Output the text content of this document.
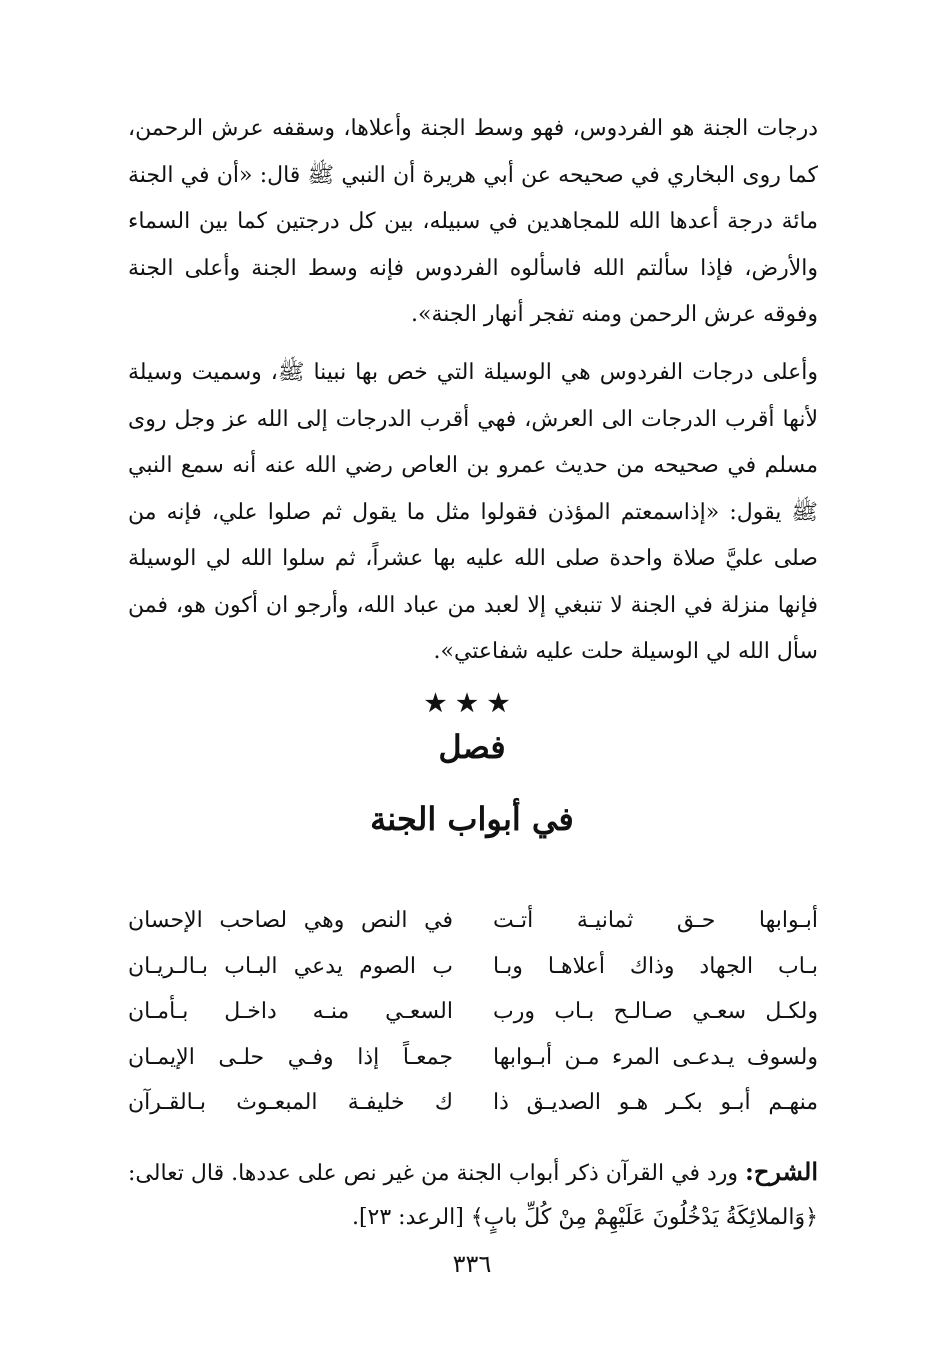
درجات الجنة هو الفردوس، فهو وسط الجنة وأعلاها، وسقفه عرش الرحمن، كما روى البخاري في صحيحه عن أبي هريرة أن النبي ﷺ قال: «أن في الجنة مائة درجة أعدها الله للمجاهدين في سبيله، بين كل درجتين كما بين السماء والأرض، فإذا سألتم الله فاسألوه الفردوس فإنه وسط الجنة وأعلى الجنة وفوقه عرش الرحمن ومنه تفجر أنهار الجنة».

وأعلى درجات الفردوس هي الوسيلة التي خص بها نبينا ﷺ، وسميت وسيلة لأنها أقرب الدرجات الى العرش، فهي أقرب الدرجات إلى الله عز وجل روى مسلم في صحيحه من حديث عمرو بن العاص رضي الله عنه أنه سمع النبي ﷺ يقول: «إذاسمعتم المؤذن فقولوا مثل ما يقول ثم صلوا علي، فإنه من صلى عليَّ صلاة واحدة صلى الله عليه بها عشراً، ثم سلوا الله لي الوسيلة فإنها منزلة في الجنة لا تنبغي إلا لعبد من عباد الله، وأرجو ان أكون هو، فمن سأل الله لي الوسيلة حلت عليه شفاعتي».

★★★
فصل
في أبواب الجنة
أبـوابها حـق ثمانيـة أتـت
في النص وهي لصاحب الإحسان
بـاب الجهاد وذاك أعلاهـا وبـا
ب الصوم يدعي البـاب بـالـريـان
ولكـل سعـي صـالـح بـاب ورب
السعـي منـه داخـل بـأمـان
ولسوف يـدعـى المرء مـن أبـوابها
جمعـاً إذا وفـي حلـى الإيمـان
منهـم أبـو بكـر هـو الصديـق ذا
ك خليفـة المبعـوث بـالقـرآن
الشرح: ورد في القرآن ذكر أبواب الجنة من غير نص على عددها. قال تعالى: ﴿وَالملائِكَةُ يَدْخُلُونَ عَلَيْهِمْ مِنْ كُلِّ بابٍ﴾ [الرعد: ٢٣].
٣٣٦
